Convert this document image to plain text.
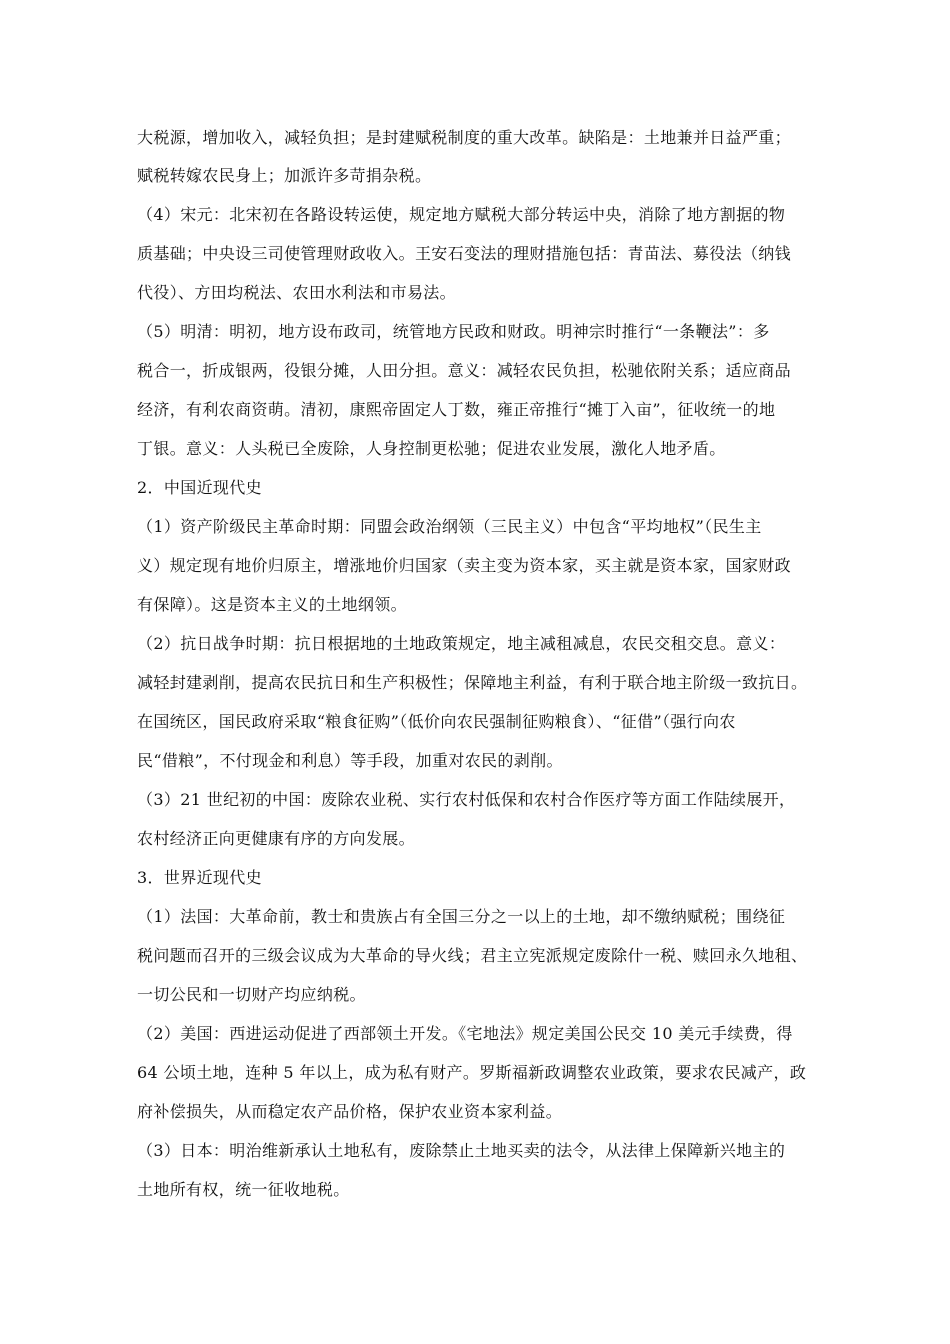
大税源，增加收入，减轻负担；是封建赋税制度的重大改革。缺陷是：土地兼并日益严重；
赋税转嫁农民身上；加派许多苛捐杂税。
（4）宋元：北宋初在各路设转运使，规定地方赋税大部分转运中央，消除了地方割据的物
质基础；中央设三司使管理财政收入。王安石变法的理财措施包括：青苗法、募役法（纳钱
代役）、方田均税法、农田水利法和市易法。
（5）明清：明初，地方设布政司，统管地方民政和财政。明神宗时推行“一条鞭法”：多
税合一，折成银两，役银分摊，人田分担。意义：减轻农民负担，松驰依附关系；适应商品
经济，有利农商资萌。清初，康熙帝固定人丁数，雍正帝推行“摊丁入亩”，征收统一的地
丁银。意义：人头税已全废除，人身控制更松驰；促进农业发展，激化人地矛盾。
2．中国近现代史
（1）资产阶级民主革命时期：同盟会政治纲领（三民主义）中包含“平均地权”（民生主
义）规定现有地价归原主，增涨地价归国家（卖主变为资本家，买主就是资本家，国家财政
有保障）。这是资本主义的土地纲领。
（2）抗日战争时期：抗日根据地的土地政策规定，地主减租减息，农民交租交息。意义：
减轻封建剥削，提高农民抗日和生产积极性；保障地主利益，有利于联合地主阶级一致抗日。
在国统区，国民政府采取“粮食征购”（低价向农民强制征购粮食）、“征借”（强行向农
民“借粮”，不付现金和利息）等手段，加重对农民的剥削。
（3）21 世纪初的中国：废除农业税、实行农村低保和农村合作医疗等方面工作陆续展开，
农村经济正向更健康有序的方向发展。
3．世界近现代史
（1）法国：大革命前，教士和贵族占有全国三分之一以上的土地，却不缴纳赋税；围绕征
税问题而召开的三级会议成为大革命的导火线；君主立宪派规定废除什一税、赎回永久地租、
一切公民和一切财产均应纳税。
（2）美国：西进运动促进了西部领土开发。《宅地法》规定美国公民交 10 美元手续费，得
64 公顷土地，连种 5 年以上，成为私有财产。罗斯福新政调整农业政策，要求农民减产，政
府补偿损失，从而稳定农产品价格，保护农业资本家利益。
（3）日本：明治维新承认土地私有，废除禁止土地买卖的法令，从法律上保障新兴地主的
土地所有权，统一征收地税。
